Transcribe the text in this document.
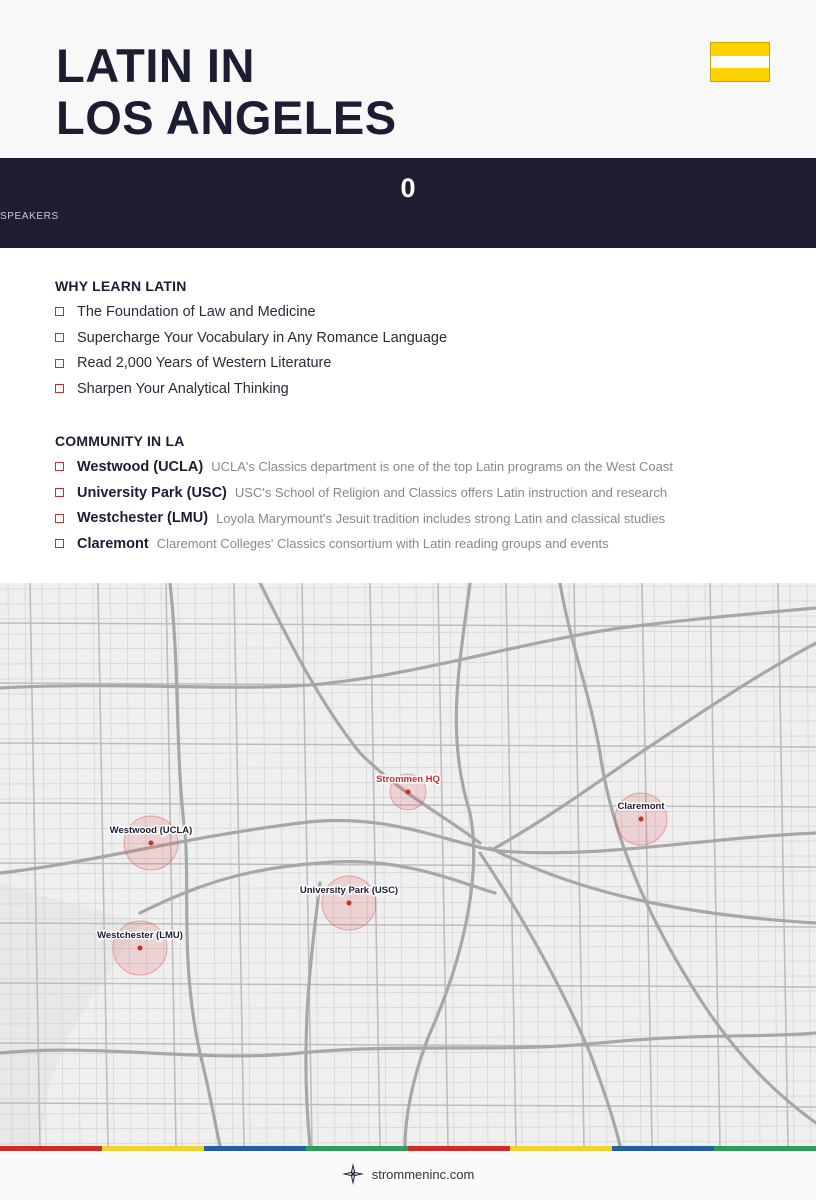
LATIN IN
LOS ANGELES
0
SPEAKERS
WHY LEARN LATIN
The Foundation of Law and Medicine
Supercharge Your Vocabulary in Any Romance Language
Read 2,000 Years of Western Literature
Sharpen Your Analytical Thinking
COMMUNITY IN LA
Westwood (UCLA) UCLA's Classics department is one of the top Latin programs on the West Coast
University Park (USC) USC's School of Religion and Classics offers Latin instruction and research
Westchester (LMU) Loyola Marymount's Jesuit tradition includes strong Latin and classical studies
Claremont Claremont Colleges' Classics consortium with Latin reading groups and events
Strommen HQ
Claremont
Westwood (UCLA)
University Park (USC)
Westchester (LMU)
strommeninc.com
